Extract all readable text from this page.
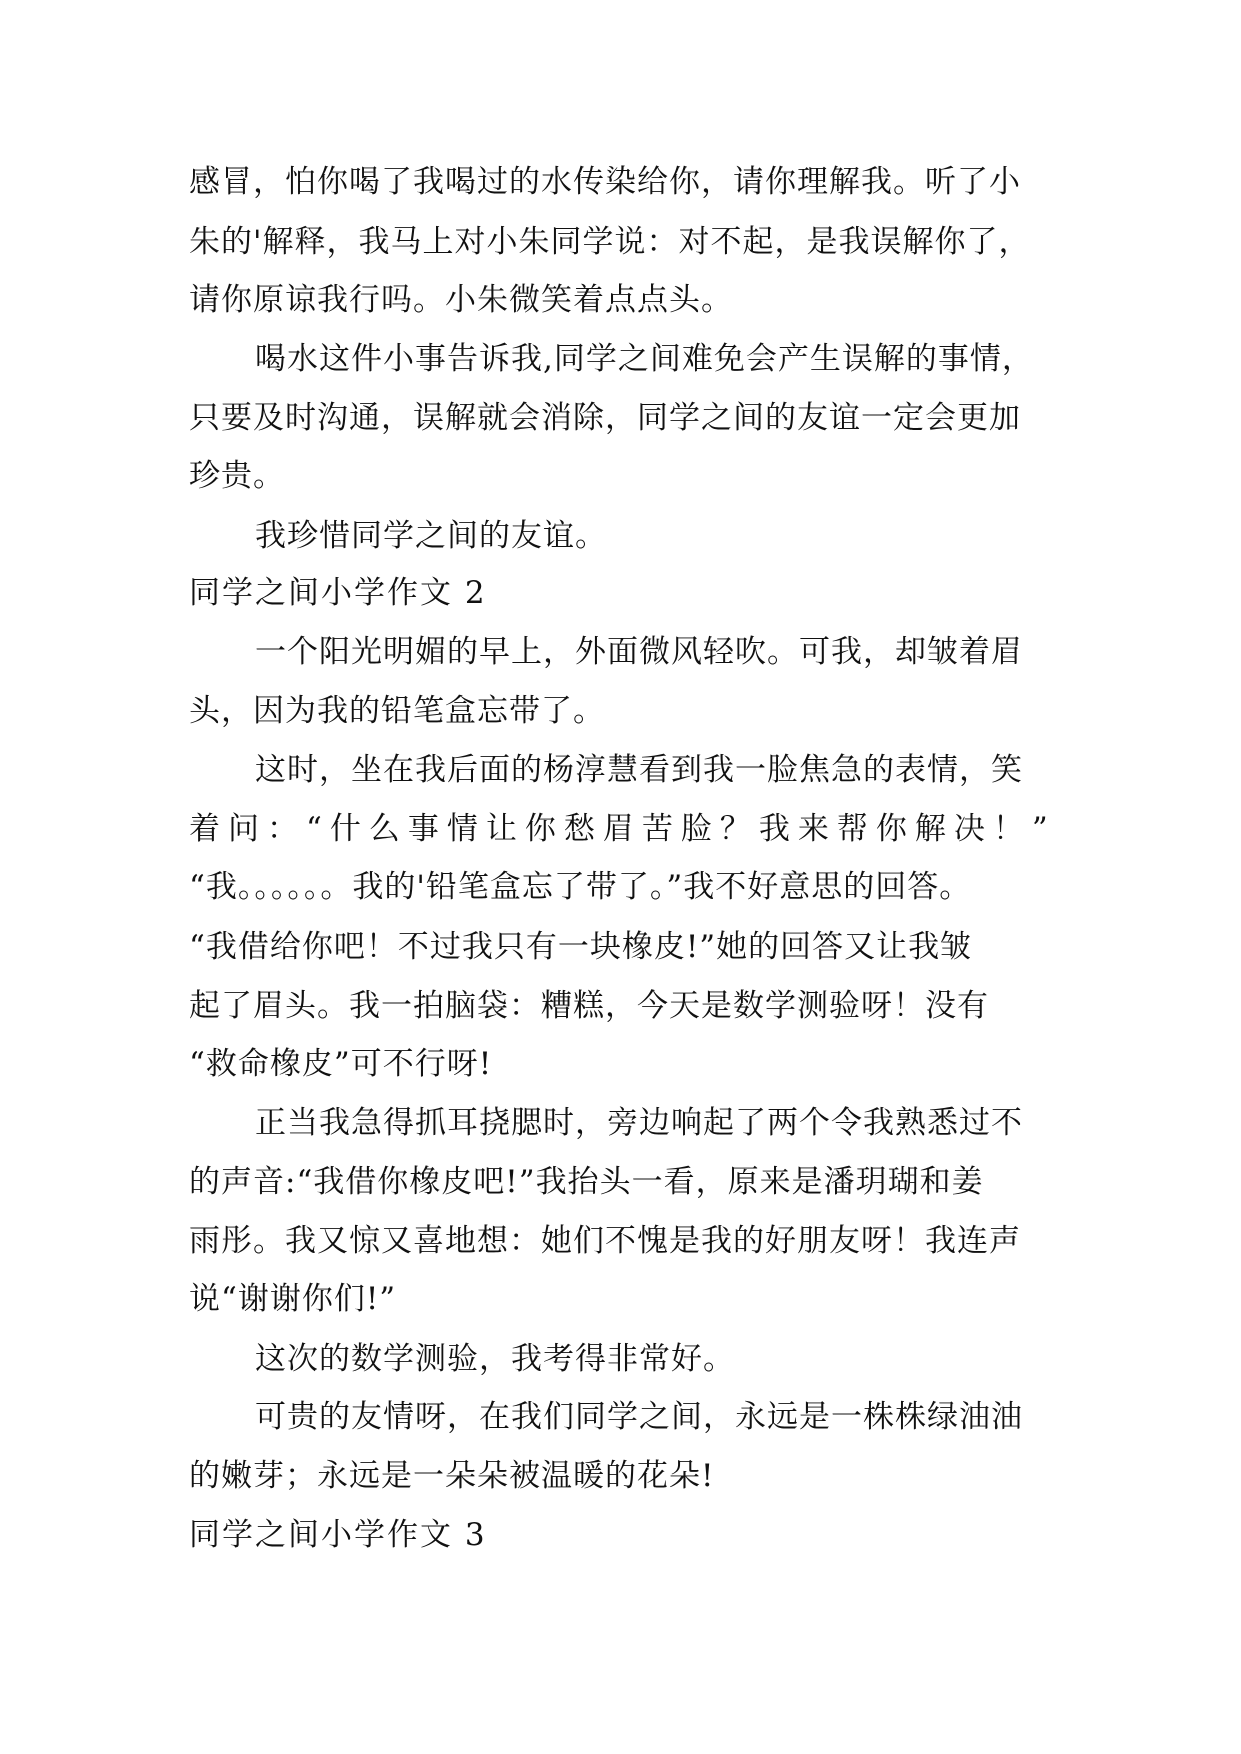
感冒，怕你喝了我喝过的水传染给你，请你理解我。听了小
朱的'解释，我马上对小朱同学说：对不起，是我误解你了，
请你原谅我行吗。小朱微笑着点点头。
喝水这件小事告诉我,同学之间难免会产生误解的事情，
只要及时沟通，误解就会消除，同学之间的友谊一定会更加
珍贵。
我珍惜同学之间的友谊。
同学之间小学作文 2
一个阳光明媚的早上，外面微风轻吹。可我，却皱着眉
头，因为我的铅笔盒忘带了。
这时，坐在我后面的杨淳慧看到我一脸焦急的表情，笑
着问：“什么事情让你愁眉苦脸？我来帮你解决！”
“我。。。。。。我的'铅笔盒忘了带了。”我不好意思的回答。
“我借给你吧！不过我只有一块橡皮!”她的回答又让我皱
起了眉头。我一拍脑袋：糟糕，今天是数学测验呀！没有
“救命橡皮”可不行呀!
正当我急得抓耳挠腮时，旁边响起了两个令我熟悉过不
的声音:“我借你橡皮吧!”我抬头一看，原来是潘玥瑚和姜
雨彤。我又惊又喜地想：她们不愧是我的好朋友呀！我连声
说“谢谢你们!”
这次的数学测验，我考得非常好。
可贵的友情呀，在我们同学之间，永远是一株株绿油油
的嫩芽；永远是一朵朵被温暖的花朵!
同学之间小学作文 3
